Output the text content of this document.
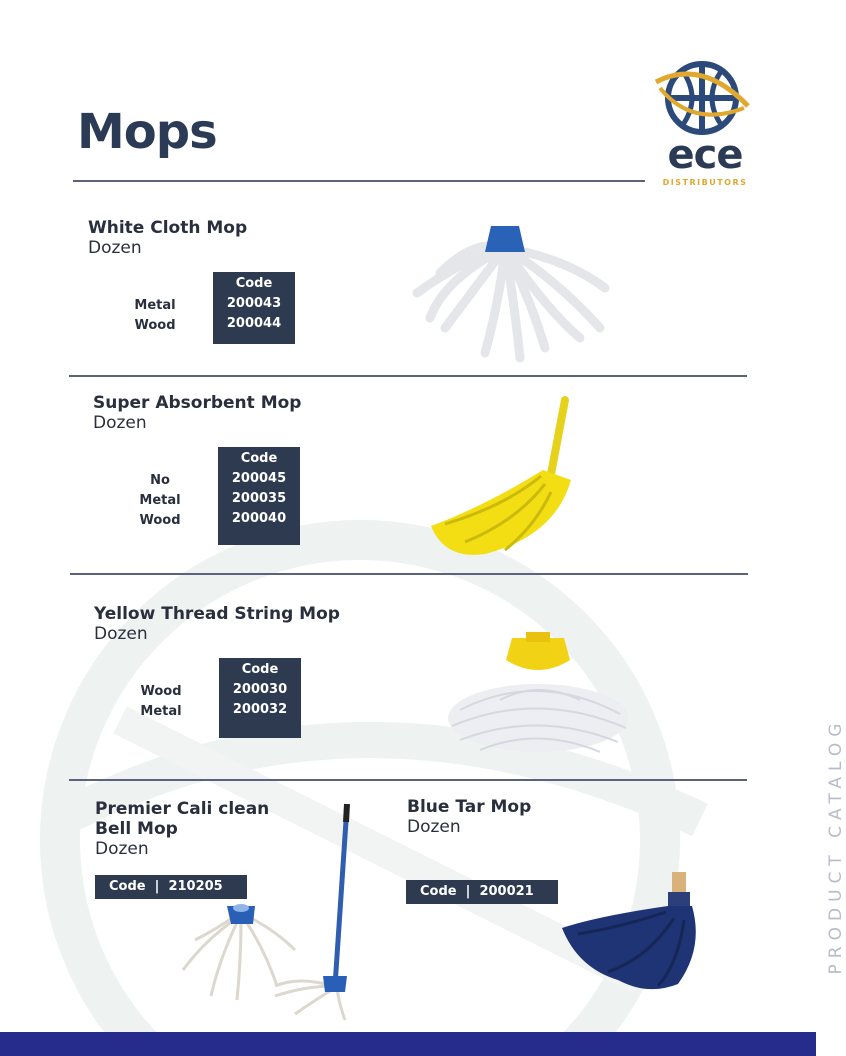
Mops	ece
DISTRIBUTORS
White Cloth Mop
Dozen
Metal
Wood
Code
200043
200044
Super Absorbent Mop
Dozen
No
Metal
Wood
Code
200045
200035
200040
Yellow Thread String Mop
Dozen
Wood
Metal
Code
200030
200032
Premier Cali clean
Bell Mop
Dozen
Code  |  210205
Blue Tar Mop
Dozen
Code  |  200021	PRODUCT CATALOG
